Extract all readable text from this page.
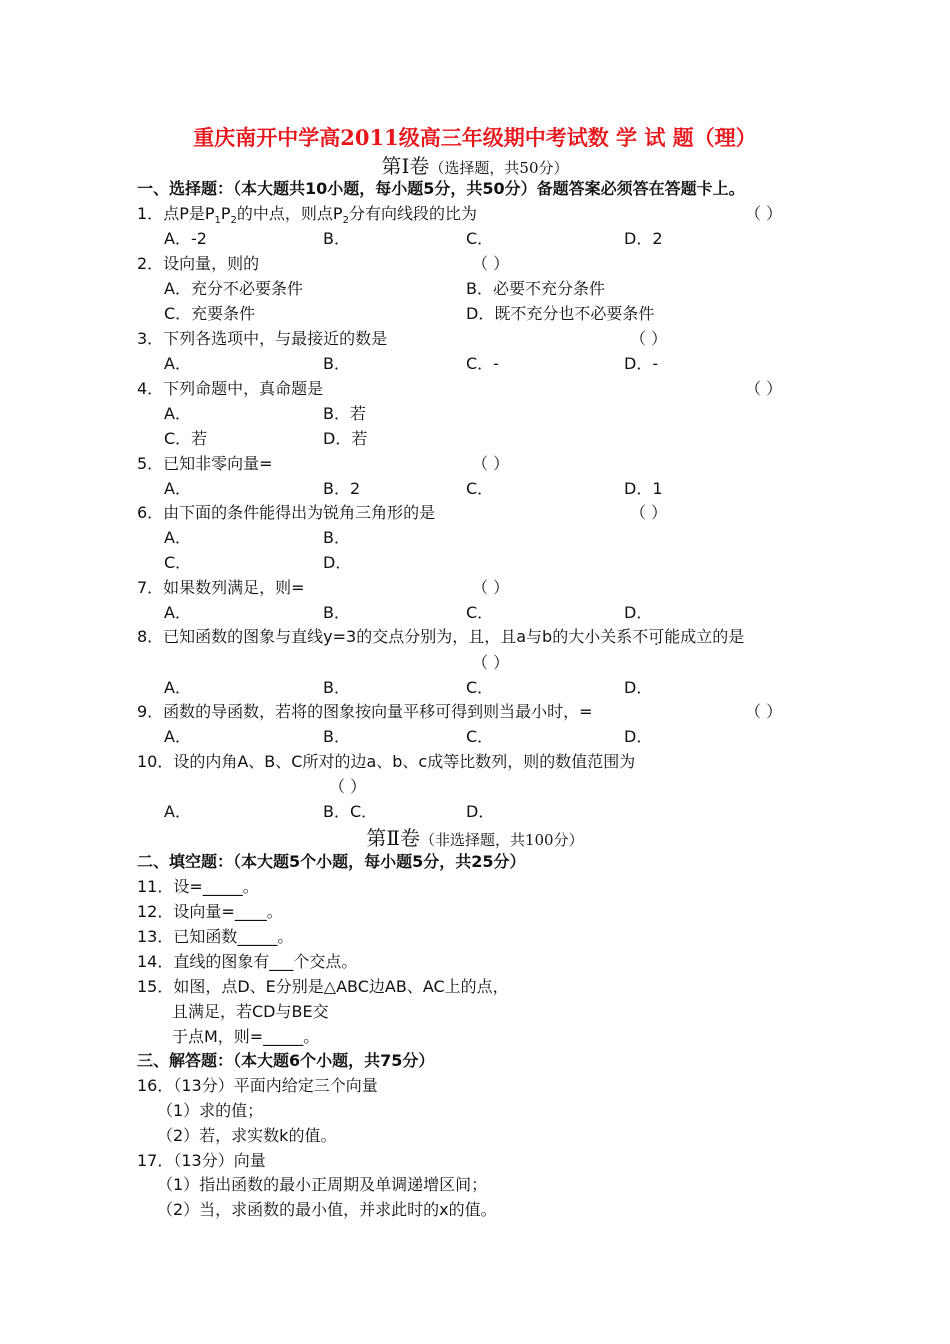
重庆南开中学高2011级高三年级期中考试数 学 试 题（理）
第Ⅰ卷（选择题，共50分）
一、选择题：（本大题共10小题，每小题5分，共50分）备题答案必须答在答题卡上。
1．点P是$P_1P_2$的中点，则点$P_2$分有向线段的比为	（ ）
A．-2	B．	C．	D．2
2．设向量，则的	（ ）
A．充分不必要条件	B．必要不充分条件
C．充要条件	D．既不充分也不必要条件
3．下列各选项中，与最接近的数是	（ ）
A．	B．	C．-	D．-
4．下列命题中，真命题是	（ ）
A．	B．若
C．若	D．若
5．已知非零向量=	（ ）
A．	B．2	C．	D．1
6．由下面的条件能得出为锐角三角形的是	（ ）
A．	B．
C．	D．
7．如果数列满足，则=	（ ）
A．	B．	C．	D．
8．已知函数的图象与直线y=3的交点分别为，且，且a与b的大小关系不可能成立的是
（ ）
A．	B．	C．	D．
9．函数的导函数，若将的图象按向量平移可得到则当最小时，=	（ ）
A．	B．	C．	D．
10．设的内角A、B、C所对的边a、b、c成等比数列，则的数值范围为
（ ）
A．	B．C．	D．
第Ⅱ卷（非选择题，共100分）
二、填空题：（本大题5个小题，每小题5分，共25分）
11．设=_____。
12．设向量=____。
13．已知函数_____。
14．直线的图象有___个交点。
15．如图，点D、E分别是△ABC边AB、AC上的点，
且满足，若CD与BE交
于点M，则=_____。
三、解答题：（本大题6个小题，共75分）
16．（13分）平面内给定三个向量
（1）求的值；
（2）若，求实数k的值。
17．（13分）向量
（1）指出函数的最小正周期及单调递增区间；
（2）当，求函数的最小值，并求此时的x的值。
